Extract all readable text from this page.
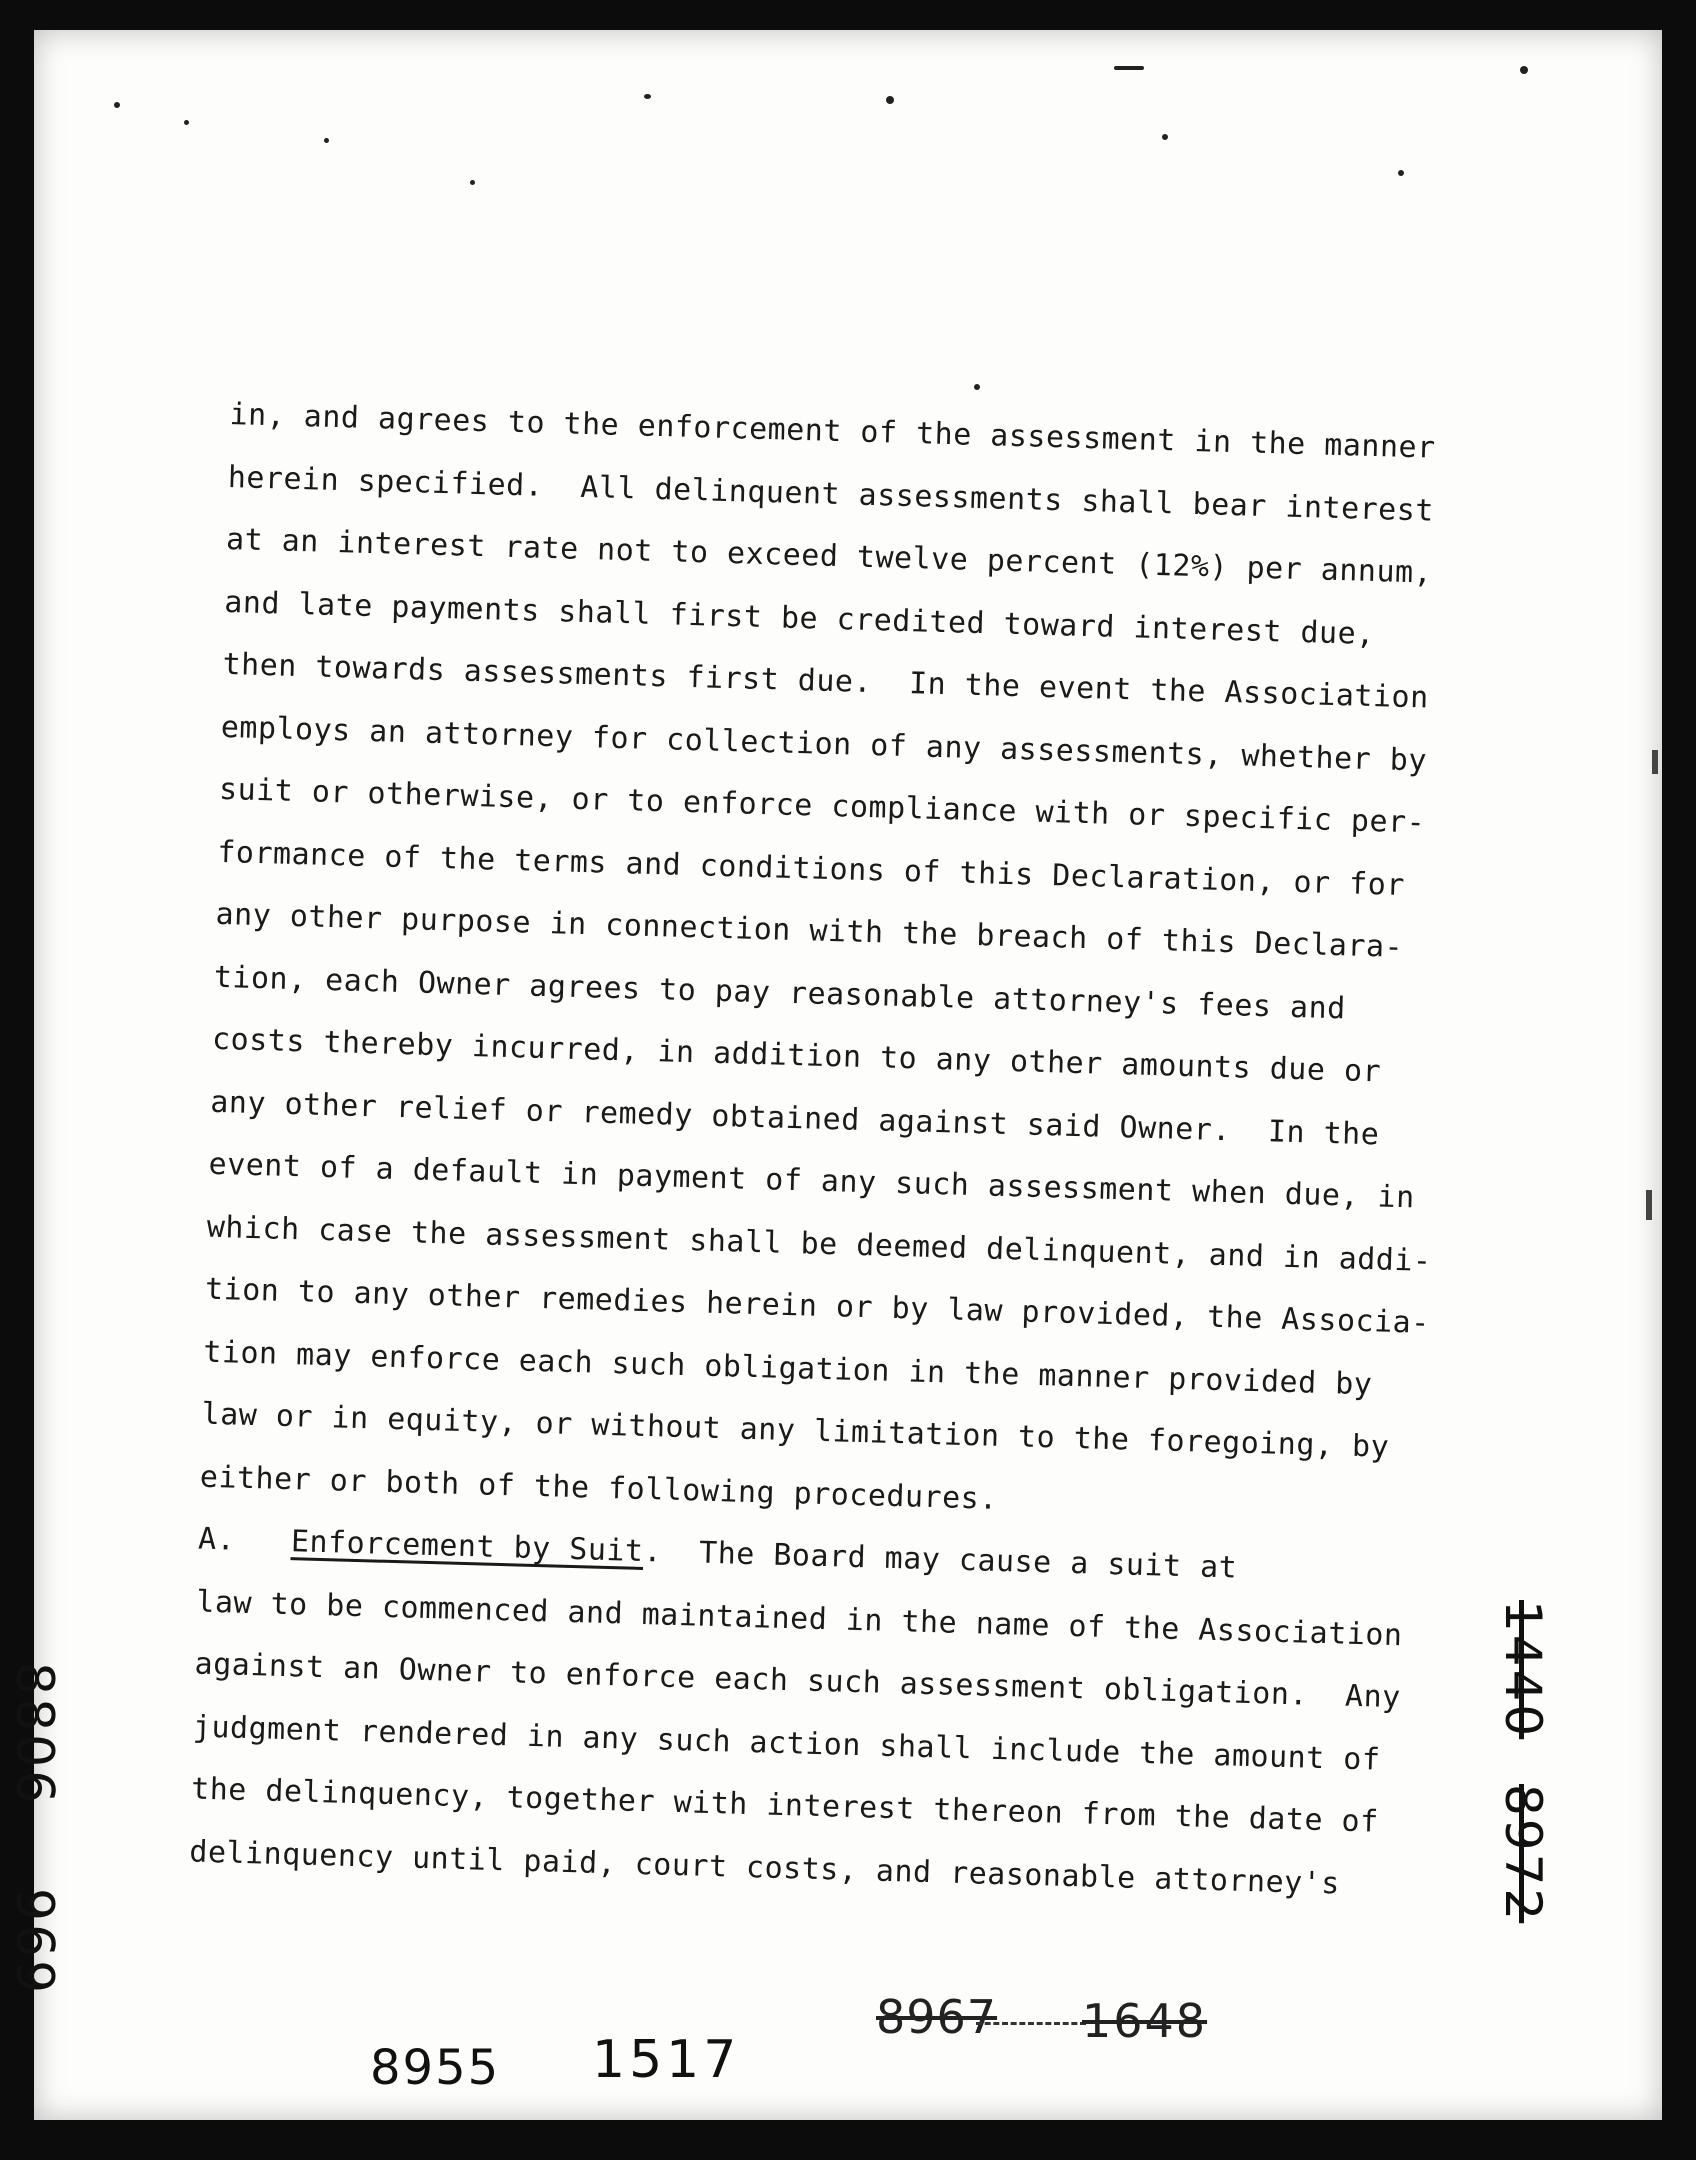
in, and agrees to the enforcement of the assessment in the manner
herein specified.  All delinquent assessments shall bear interest
at an interest rate not to exceed twelve percent (12%) per annum,
and late payments shall first be credited toward interest due,
then towards assessments first due.  In the event the Association
employs an attorney for collection of any assessments, whether by
suit or otherwise, or to enforce compliance with or specific per-
formance of the terms and conditions of this Declaration, or for
any other purpose in connection with the breach of this Declara-
tion, each Owner agrees to pay reasonable attorney's fees and
costs thereby incurred, in addition to any other amounts due or
any other relief or remedy obtained against said Owner.  In the
event of a default in payment of any such assessment when due, in
which case the assessment shall be deemed delinquent, and in addi-
tion to any other remedies herein or by law provided, the Associa-
tion may enforce each such obligation in the manner provided by
law or in equity, or without any limitation to the foregoing, by
either or both of the following procedures.
A. Enforcement by Suit.  The Board may cause a suit at
law to be commenced and maintained in the name of the Association
against an Owner to enforce each such assessment obligation.  Any
judgment rendered in any such action shall include the amount of
the delinquency, together with interest thereon from the date of
delinquency until paid, court costs, and reasonable attorney's
8806
969
1440
8972
8967 1648
8955 1517
